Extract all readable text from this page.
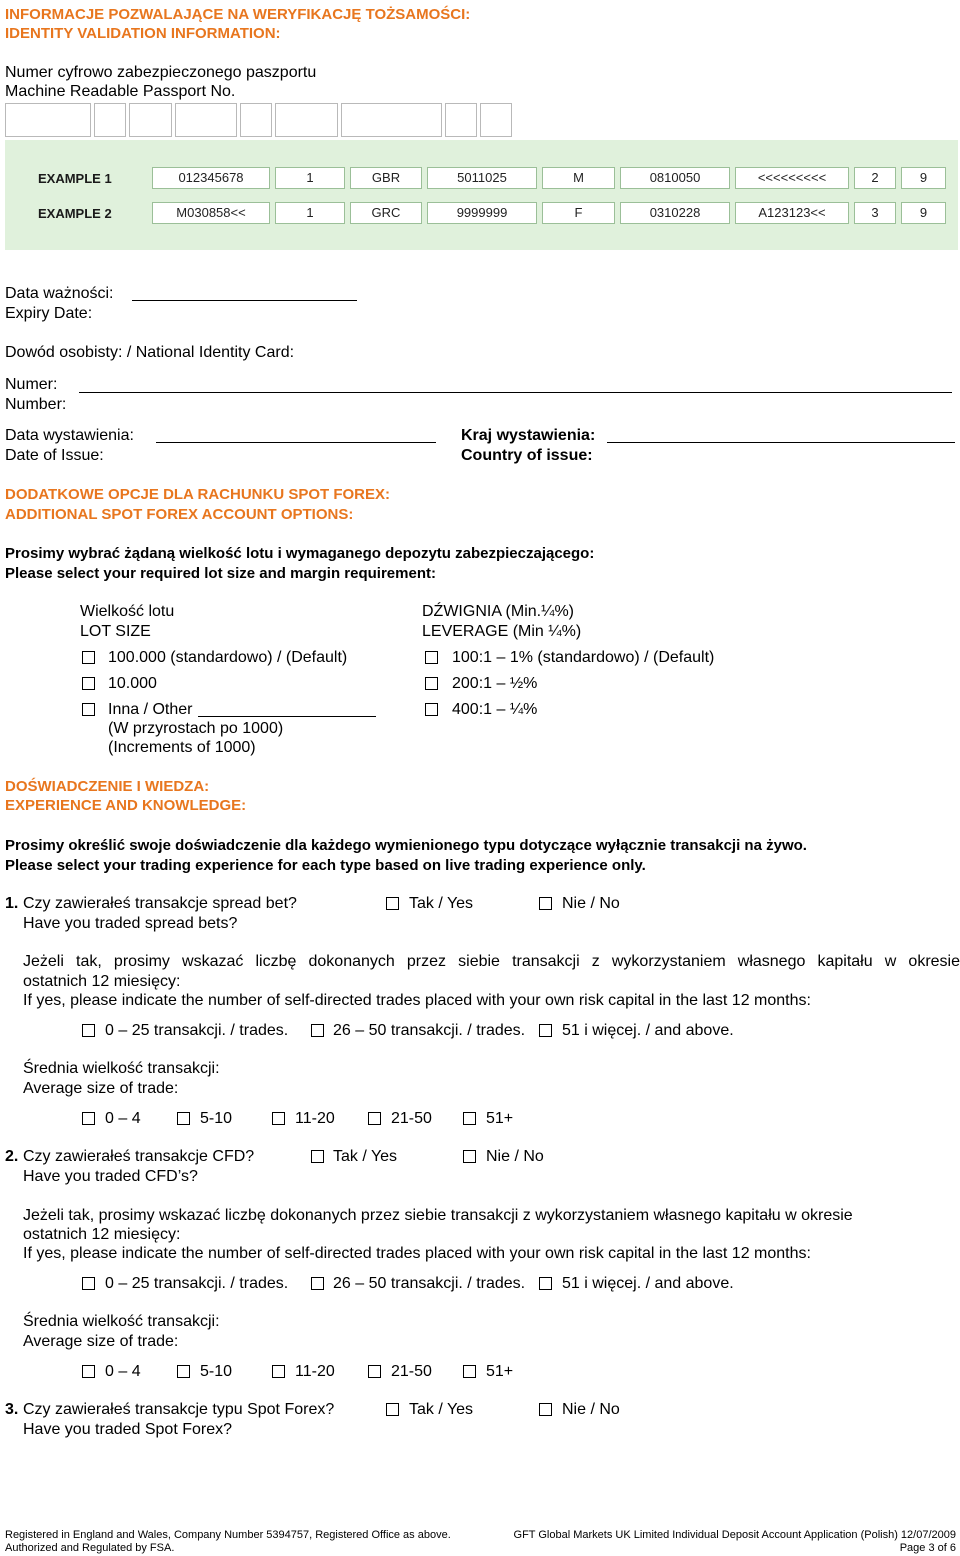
INFORMACJE POZWALAJĄCE NA WERYFIKACJĘ TOŻSAMOŚCI:
IDENTITY VALIDATION INFORMATION:
Numer cyfrowo zabezpieczonego paszportu
Machine Readable Passport No.
EXAMPLE 1	012345678	1	GBR	5011025	M	0810050	<<<<<<<<<	2	9
EXAMPLE 2	M030858<<	1	GRC	9999999	F	0310228	A123123<<	3	9
Data ważności:
Expiry Date:
Dowód osobisty: / National Identity Card:
Numer:
Number:
Data wystawienia:
Date of Issue:
Kraj wystawienia:
Country of issue:
DODATKOWE OPCJE DLA RACHUNKU SPOT FOREX:
ADDITIONAL SPOT FOREX ACCOUNT OPTIONS:
Prosimy wybrać żądaną wielkość lotu i wymaganego depozytu zabezpieczającego:
Please select your required lot size and margin requirement:
Wielkość lotu
LOT SIZE
DŹWIGNIA (Min.¼%)
LEVERAGE (Min ¼%)
100.000 (standardowo) / (Default)
10.000
Inna / Other
(W przyrostach po 1000)
(Increments of 1000)
100:1 – 1% (standardowo) / (Default)
200:1 – ½%
400:1 – ¼%
DOŚWIADCZENIE I WIEDZA:
EXPERIENCE AND KNOWLEDGE:
Prosimy określić swoje doświadczenie dla każdego wymienionego typu dotyczące wyłącznie transakcji na żywo.
Please select your trading experience for each type based on live trading experience only.
1. Czy zawierałeś transakcje spread bet?
Have you traded spread bets?
Tak / Yes	Nie / No
Jeżeli tak, prosimy wskazać liczbę dokonanych przez siebie transakcji z wykorzystaniem własnego kapitału w okresie
ostatnich 12 miesięcy:
If yes, please indicate the number of self-directed trades placed with your own risk capital in the last 12 months:
0 – 25 transakcji. / trades.	26 – 50 transakcji. / trades. 51 i więcej. / and above.
Średnia wielkość transakcji:
Average size of trade:
0 – 4	5-10	11-20	21-50	51+
2. Czy zawierałeś transakcje CFD?
Have you traded CFD’s?
Tak / Yes	Nie / No
Jeżeli tak, prosimy wskazać liczbę dokonanych przez siebie transakcji z wykorzystaniem własnego kapitału w okresie
ostatnich 12 miesięcy:
If yes, please indicate the number of self-directed trades placed with your own risk capital in the last 12 months:
0 – 25 transakcji. / trades.	26 – 50 transakcji. / trades. 51 i więcej. / and above.
Średnia wielkość transakcji:
Average size of trade:
0 – 4	5-10	11-20	21-50	51+
3. Czy zawierałeś transakcje typu Spot Forex?
Have you traded Spot Forex?
Tak / Yes	Nie / No
Registered in England and Wales, Company Number 5394757, Registered Office as above.
Authorized and Regulated by FSA.
GFT Global Markets UK Limited Individual Deposit Account Application (Polish) 12/07/2009
Page 3 of 6
